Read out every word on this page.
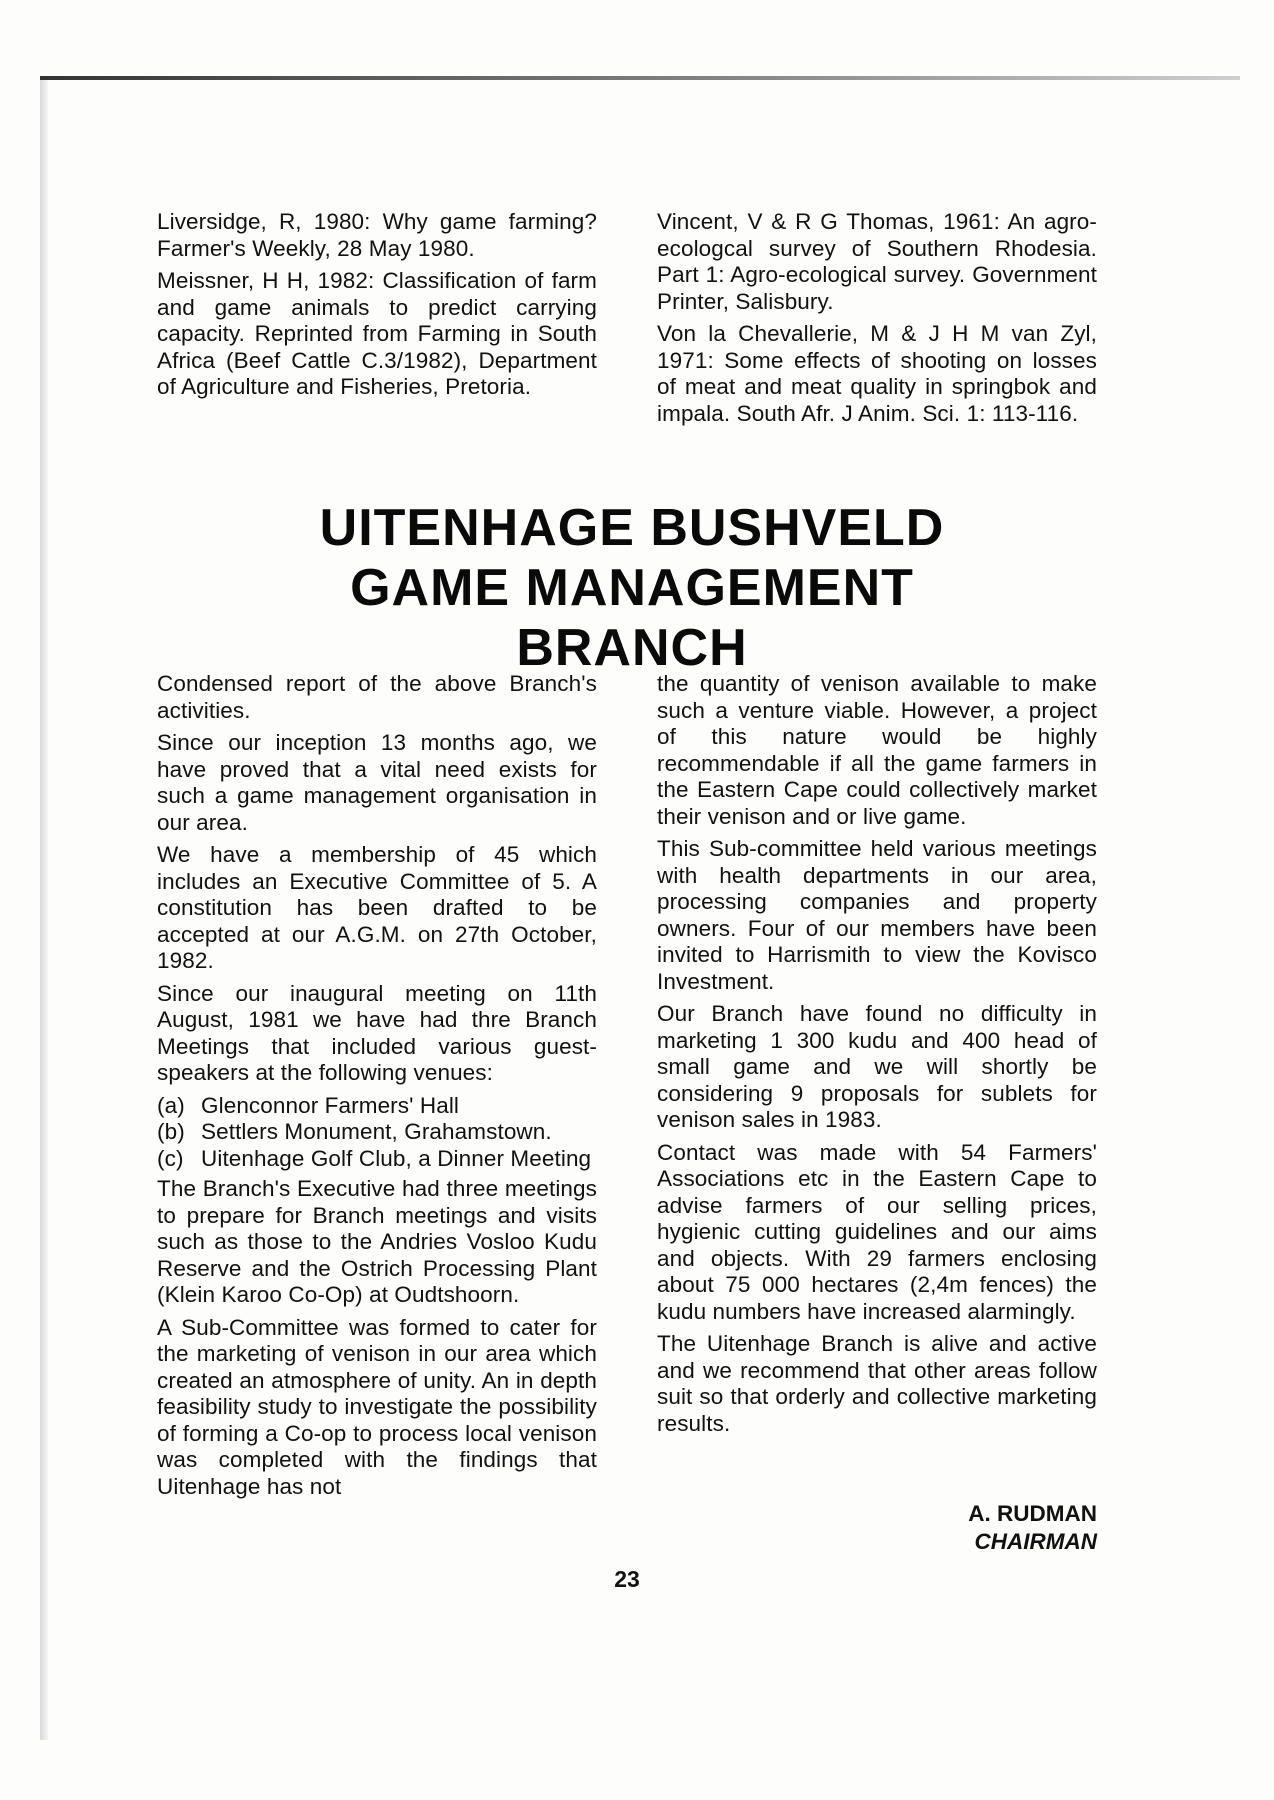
Liversidge, R, 1980: Why game farming? Farmer's Weekly, 28 May 1980.

Meissner, H H, 1982: Classification of farm and game animals to predict carrying capacity. Reprinted from Farming in South Africa (Beef Cattle C.3/1982), Department of Agriculture and Fisheries, Pretoria.

Vincent, V & R G Thomas, 1961: An agro-ecologcal survey of Southern Rhodesia. Part 1: Agro-ecological survey. Government Printer, Salisbury.

Von la Chevallerie, M & J H M van Zyl, 1971: Some effects of shooting on losses of meat and meat quality in springbok and impala. South Afr. J Anim. Sci. 1: 113-116.

UITENHAGE BUSHVELD
GAME MANAGEMENT
BRANCH

Condensed report of the above Branch's activities.

Since our inception 13 months ago, we have proved that a vital need exists for such a game management organisation in our area.

We have a membership of 45 which includes an Executive Committee of 5. A constitution has been drafted to be accepted at our A.G.M. on 27th October, 1982.

Since our inaugural meeting on 11th August, 1981 we have had thre Branch Meetings that included various guest-speakers at the following venues:

(a) Glenconnor Farmers' Hall
(b) Settlers Monument, Grahamstown.
(c) Uitenhage Golf Club, a Dinner Meeting

The Branch's Executive had three meetings to prepare for Branch meetings and visits such as those to the Andries Vosloo Kudu Reserve and the Ostrich Processing Plant (Klein Karoo Co-Op) at Oudtshoorn.

A Sub-Committee was formed to cater for the marketing of venison in our area which created an atmosphere of unity. An in depth feasibility study to investigate the possibility of forming a Co-op to process local venison was completed with the findings that Uitenhage has not

the quantity of venison available to make such a venture viable. However, a project of this nature would be highly recommendable if all the game farmers in the Eastern Cape could collectively market their venison and or live game.

This Sub-committee held various meetings with health departments in our area, processing companies and property owners. Four of our members have been invited to Harrismith to view the Kovisco Investment.

Our Branch have found no difficulty in marketing 1 300 kudu and 400 head of small game and we will shortly be considering 9 proposals for sublets for venison sales in 1983.

Contact was made with 54 Farmers' Associations etc in the Eastern Cape to advise farmers of our selling prices, hygienic cutting guidelines and our aims and objects. With 29 farmers enclosing about 75 000 hectares (2,4m fences) the kudu numbers have increased alarmingly.

The Uitenhage Branch is alive and active and we recommend that other areas follow suit so that orderly and collective marketing results.

A. RUDMAN
CHAIRMAN
23
